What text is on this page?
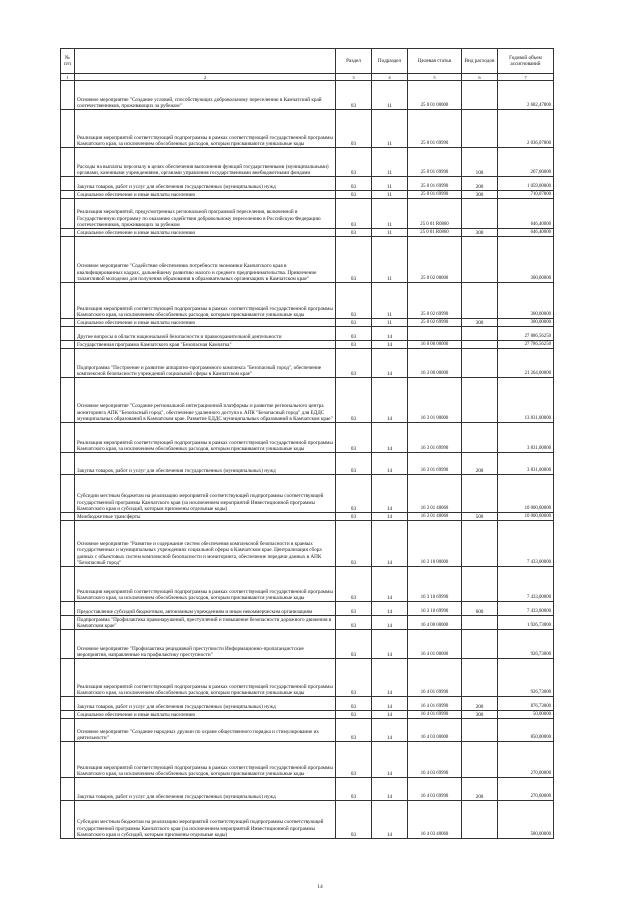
№ п/п		Раздел	Подраздел	Целевая статья	Вид расходов	Годовой объем ассигнований
1	2	3	4	5	6	7
	Основное мероприятие "Создание условий, способствующих добровольному переселению в Камчатский край соотечественников, проживающих за рубежом"	03	11	25 0 01 00000		2 682,47800
	Реализация мероприятий соответствующей подпрограммы в рамках соответствующей государственной программы Камчатского края, за исключением обособленных расходов, которым присваиваются уникальные коды	03	11	25 0 01 69990		2 036,07800
	Расходы на выплаты персоналу в целях обеспечения выполнения функций государственными (муниципальными) органами, казенными учреждениями, органами управления государственными внебюджетными фондами	03	11	25 0 01 69990	100	267,00000
	Закупка товаров, работ и услуг для обеспечения государственных (муниципальных) нужд	03	11	25 0 01 69990	200	1 059,00000
	Социальное обеспечение и иные выплаты населению	03	11	25 0 01 69990	300	710,07800
	Реализация мероприятий, предусмотренных региональной программой переселения, включенной в Государственную программу по оказанию содействия добровольному переселению в Российскую Федерацию соотечественников, проживающих за рубежом	03	11	25 0 01 R0860		646,40000
	Социальное обеспечение и иные выплаты населению	03	11	25 0 01 R0860	300	646,40000
	Основное мероприятие "Содействие обеспечению потребности экономики Камчатского края в квалифицированных кадрах, дальнейшему развитию малого и среднего предпринимательства. Привлечение талантливой молодежи для получения образования в образовательных организациях в Камчатском крае"	03	11	25 0 02 00000		300,00000
	Реализация мероприятий соответствующей подпрограммы в рамках соответствующей государственной программы Камчатского края, за исключением обособленных расходов, которым присваиваются уникальные коды	03	11	25 0 02 69990		300,00000
	Социальное обеспечение и иные выплаты населению	03	11	25 0 02 69990	300	300,00000
	Другие вопросы в области национальной безопасности и правоохранительной деятельности	03	14			27 886,56250
	Государственная программа Камчатского края "Безопасная Камчатка"	03	14	16 0 00 00000		27 786,56250
	Подпрограмма "Построение и развитие аппаратно-программного комплекса "Безопасный город", обеспечение комплексной безопасности учреждений социальной сферы в Камчатском крае"	03	14	16 3 00 00000		21 264,00000
	Основное мероприятие "Создание региональной интеграционной платформы и развитие регионального центра мониторинга АПК "Безопасный город", обеспечение удаленного доступа к АПК "Безопасный город" для ЕДДС муниципальных образований в Камчатском крае. Развитие ЕДДС муниципальных образований в Камчатском крае"	03	14	16 3 01 00000		13 831,00000
	Реализация мероприятий соответствующей подпрограммы в рамках соответствующей государственной программы Камчатского края, за исключением обособленных расходов, которым присваиваются уникальные коды	03	14	16 3 01 69990		3 831,00000
	Закупка товаров, работ и услуг для обеспечения государственных (муниципальных) нужд	03	14	16 3 01 69990	200	3 831,00000
	Субсидии местным бюджетам на реализацию мероприятий соответствующей подпрограммы соответствующей государственной программы Камчатского края (за исключением мероприятий Инвестиционной программы Камчатского края и субсидий, которым присвоены отдельные коды)	03	14	16 3 01 40060		10 000,00000
	Межбюджетные трансферты	03	14	16 3 01 40060	500	10 000,00000
	Основное мероприятие "Развитие и содержание систем обеспечения комплексной безопасности в краевых государственных и муниципальных учреждениях социальной сферы в Камчатском крае. Централизация сбора данных с объектовых систем комплексной безопасности и мониторинга, обеспечение передачи данных в АПК "Безопасный город"	03	14	16 3 10 00000		7 433,00000
	Реализация мероприятий соответствующей подпрограммы в рамках соответствующей государственной программы Камчатского края, за исключением обособленных расходов, которым присваиваются уникальные коды	03	14	16 3 10 69990		7 433,00000
	Предоставление субсидий бюджетным, автономным учреждениям и иным некоммерческим организациям	03	14	16 3 10 69990	600	7 433,00000
	Подпрограмма "Профилактика правонарушений, преступлений и повышение безопасности дорожного движения в Камчатском крае"	03	14	16 4 00 00000		1 926,73000
	Основное мероприятие "Профилактика рецидивной преступности Информационно-пропагандистские мероприятия, направленные на профилактику преступности"	03	14	16 4 01 00000		926,73000
	Реализация мероприятий соответствующей подпрограммы в рамках соответствующей государственной программы Камчатского края, за исключением обособленных расходов, которым присваиваются уникальные коды	03	14	16 4 01 69990		926,73000
	Закупка товаров, работ и услуг для обеспечения государственных (муниципальных) нужд	03	14	16 4 01 69990	200	876,73000
	Социальное обеспечение и иные выплаты населению	03	14	16 4 01 69990	300	50,00000
	Основное мероприятие "Создание народных дружин по охране общественного порядка и стимулирование их деятельности"	03	14	16 4 03 00000		850,00000
	Реализация мероприятий соответствующей подпрограммы в рамках соответствующей государственной программы Камчатского края, за исключением обособленных расходов, которым присваиваются уникальные коды	03	14	16 4 03 69990		270,00000
	Закупка товаров, работ и услуг для обеспечения государственных (муниципальных) нужд	03	14	16 4 03 69990	200	270,00000
	Субсидии местным бюджетам на реализацию мероприятий соответствующей подпрограммы соответствующей государственной программы Камчатского края (за исключением мероприятий Инвестиционной программы Камчатского края и субсидий, которым присвоены отдельные коды)	03	14	16 4 03 40060		580,00000
14
